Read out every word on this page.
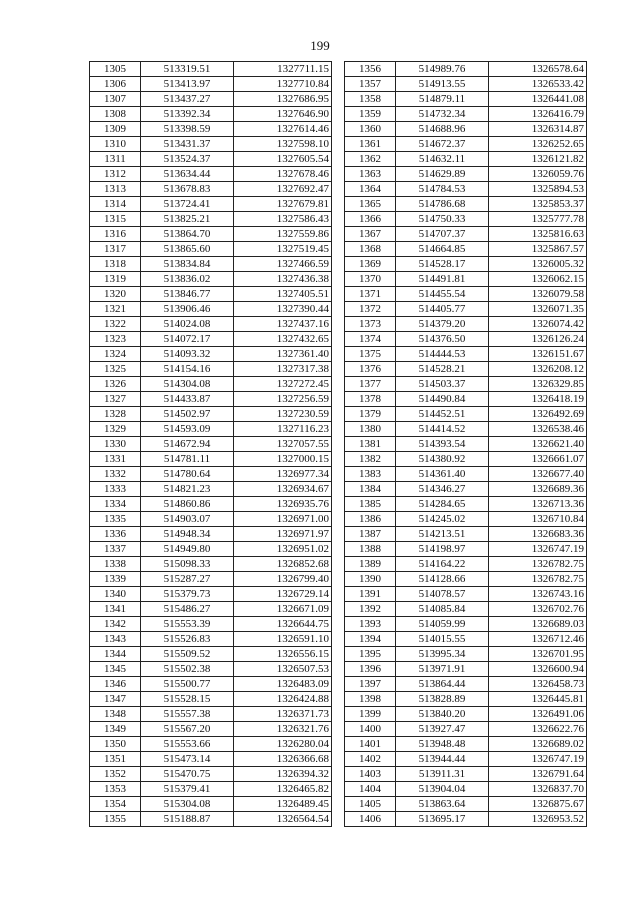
199
1305	513319.51	1327711.15
1306	513413.97	1327710.84
1307	513437.27	1327686.95
1308	513392.34	1327646.90
1309	513398.59	1327614.46
1310	513431.37	1327598.10
1311	513524.37	1327605.54
1312	513634.44	1327678.46
1313	513678.83	1327692.47
1314	513724.41	1327679.81
1315	513825.21	1327586.43
1316	513864.70	1327559.86
1317	513865.60	1327519.45
1318	513834.84	1327466.59
1319	513836.02	1327436.38
1320	513846.77	1327405.51
1321	513906.46	1327390.44
1322	514024.08	1327437.16
1323	514072.17	1327432.65
1324	514093.32	1327361.40
1325	514154.16	1327317.38
1326	514304.08	1327272.45
1327	514433.87	1327256.59
1328	514502.97	1327230.59
1329	514593.09	1327116.23
1330	514672.94	1327057.55
1331	514781.11	1327000.15
1332	514780.64	1326977.34
1333	514821.23	1326934.67
1334	514860.86	1326935.76
1335	514903.07	1326971.00
1336	514948.34	1326971.97
1337	514949.80	1326951.02
1338	515098.33	1326852.68
1339	515287.27	1326799.40
1340	515379.73	1326729.14
1341	515486.27	1326671.09
1342	515553.39	1326644.75
1343	515526.83	1326591.10
1344	515509.52	1326556.15
1345	515502.38	1326507.53
1346	515500.77	1326483.09
1347	515528.15	1326424.88
1348	515557.38	1326371.73
1349	515567.20	1326321.76
1350	515553.66	1326280.04
1351	515473.14	1326366.68
1352	515470.75	1326394.32
1353	515379.41	1326465.82
1354	515304.08	1326489.45
1355	515188.87	1326564.54
1356	514989.76	1326578.64
1357	514913.55	1326533.42
1358	514879.11	1326441.08
1359	514732.34	1326416.79
1360	514688.96	1326314.87
1361	514672.37	1326252.65
1362	514632.11	1326121.82
1363	514629.89	1326059.76
1364	514784.53	1325894.53
1365	514786.68	1325853.37
1366	514750.33	1325777.78
1367	514707.37	1325816.63
1368	514664.85	1325867.57
1369	514528.17	1326005.32
1370	514491.81	1326062.15
1371	514455.54	1326079.58
1372	514405.77	1326071.35
1373	514379.20	1326074.42
1374	514376.50	1326126.24
1375	514444.53	1326151.67
1376	514528.21	1326208.12
1377	514503.37	1326329.85
1378	514490.84	1326418.19
1379	514452.51	1326492.69
1380	514414.52	1326538.46
1381	514393.54	1326621.40
1382	514380.92	1326661.07
1383	514361.40	1326677.40
1384	514346.27	1326689.36
1385	514284.65	1326713.36
1386	514245.02	1326710.84
1387	514213.51	1326683.36
1388	514198.97	1326747.19
1389	514164.22	1326782.75
1390	514128.66	1326782.75
1391	514078.57	1326743.16
1392	514085.84	1326702.76
1393	514059.99	1326689.03
1394	514015.55	1326712.46
1395	513995.34	1326701.95
1396	513971.91	1326600.94
1397	513864.44	1326458.73
1398	513828.89	1326445.81
1399	513840.20	1326491.06
1400	513927.47	1326622.76
1401	513948.48	1326689.02
1402	513944.44	1326747.19
1403	513911.31	1326791.64
1404	513904.04	1326837.70
1405	513863.64	1326875.67
1406	513695.17	1326953.52
